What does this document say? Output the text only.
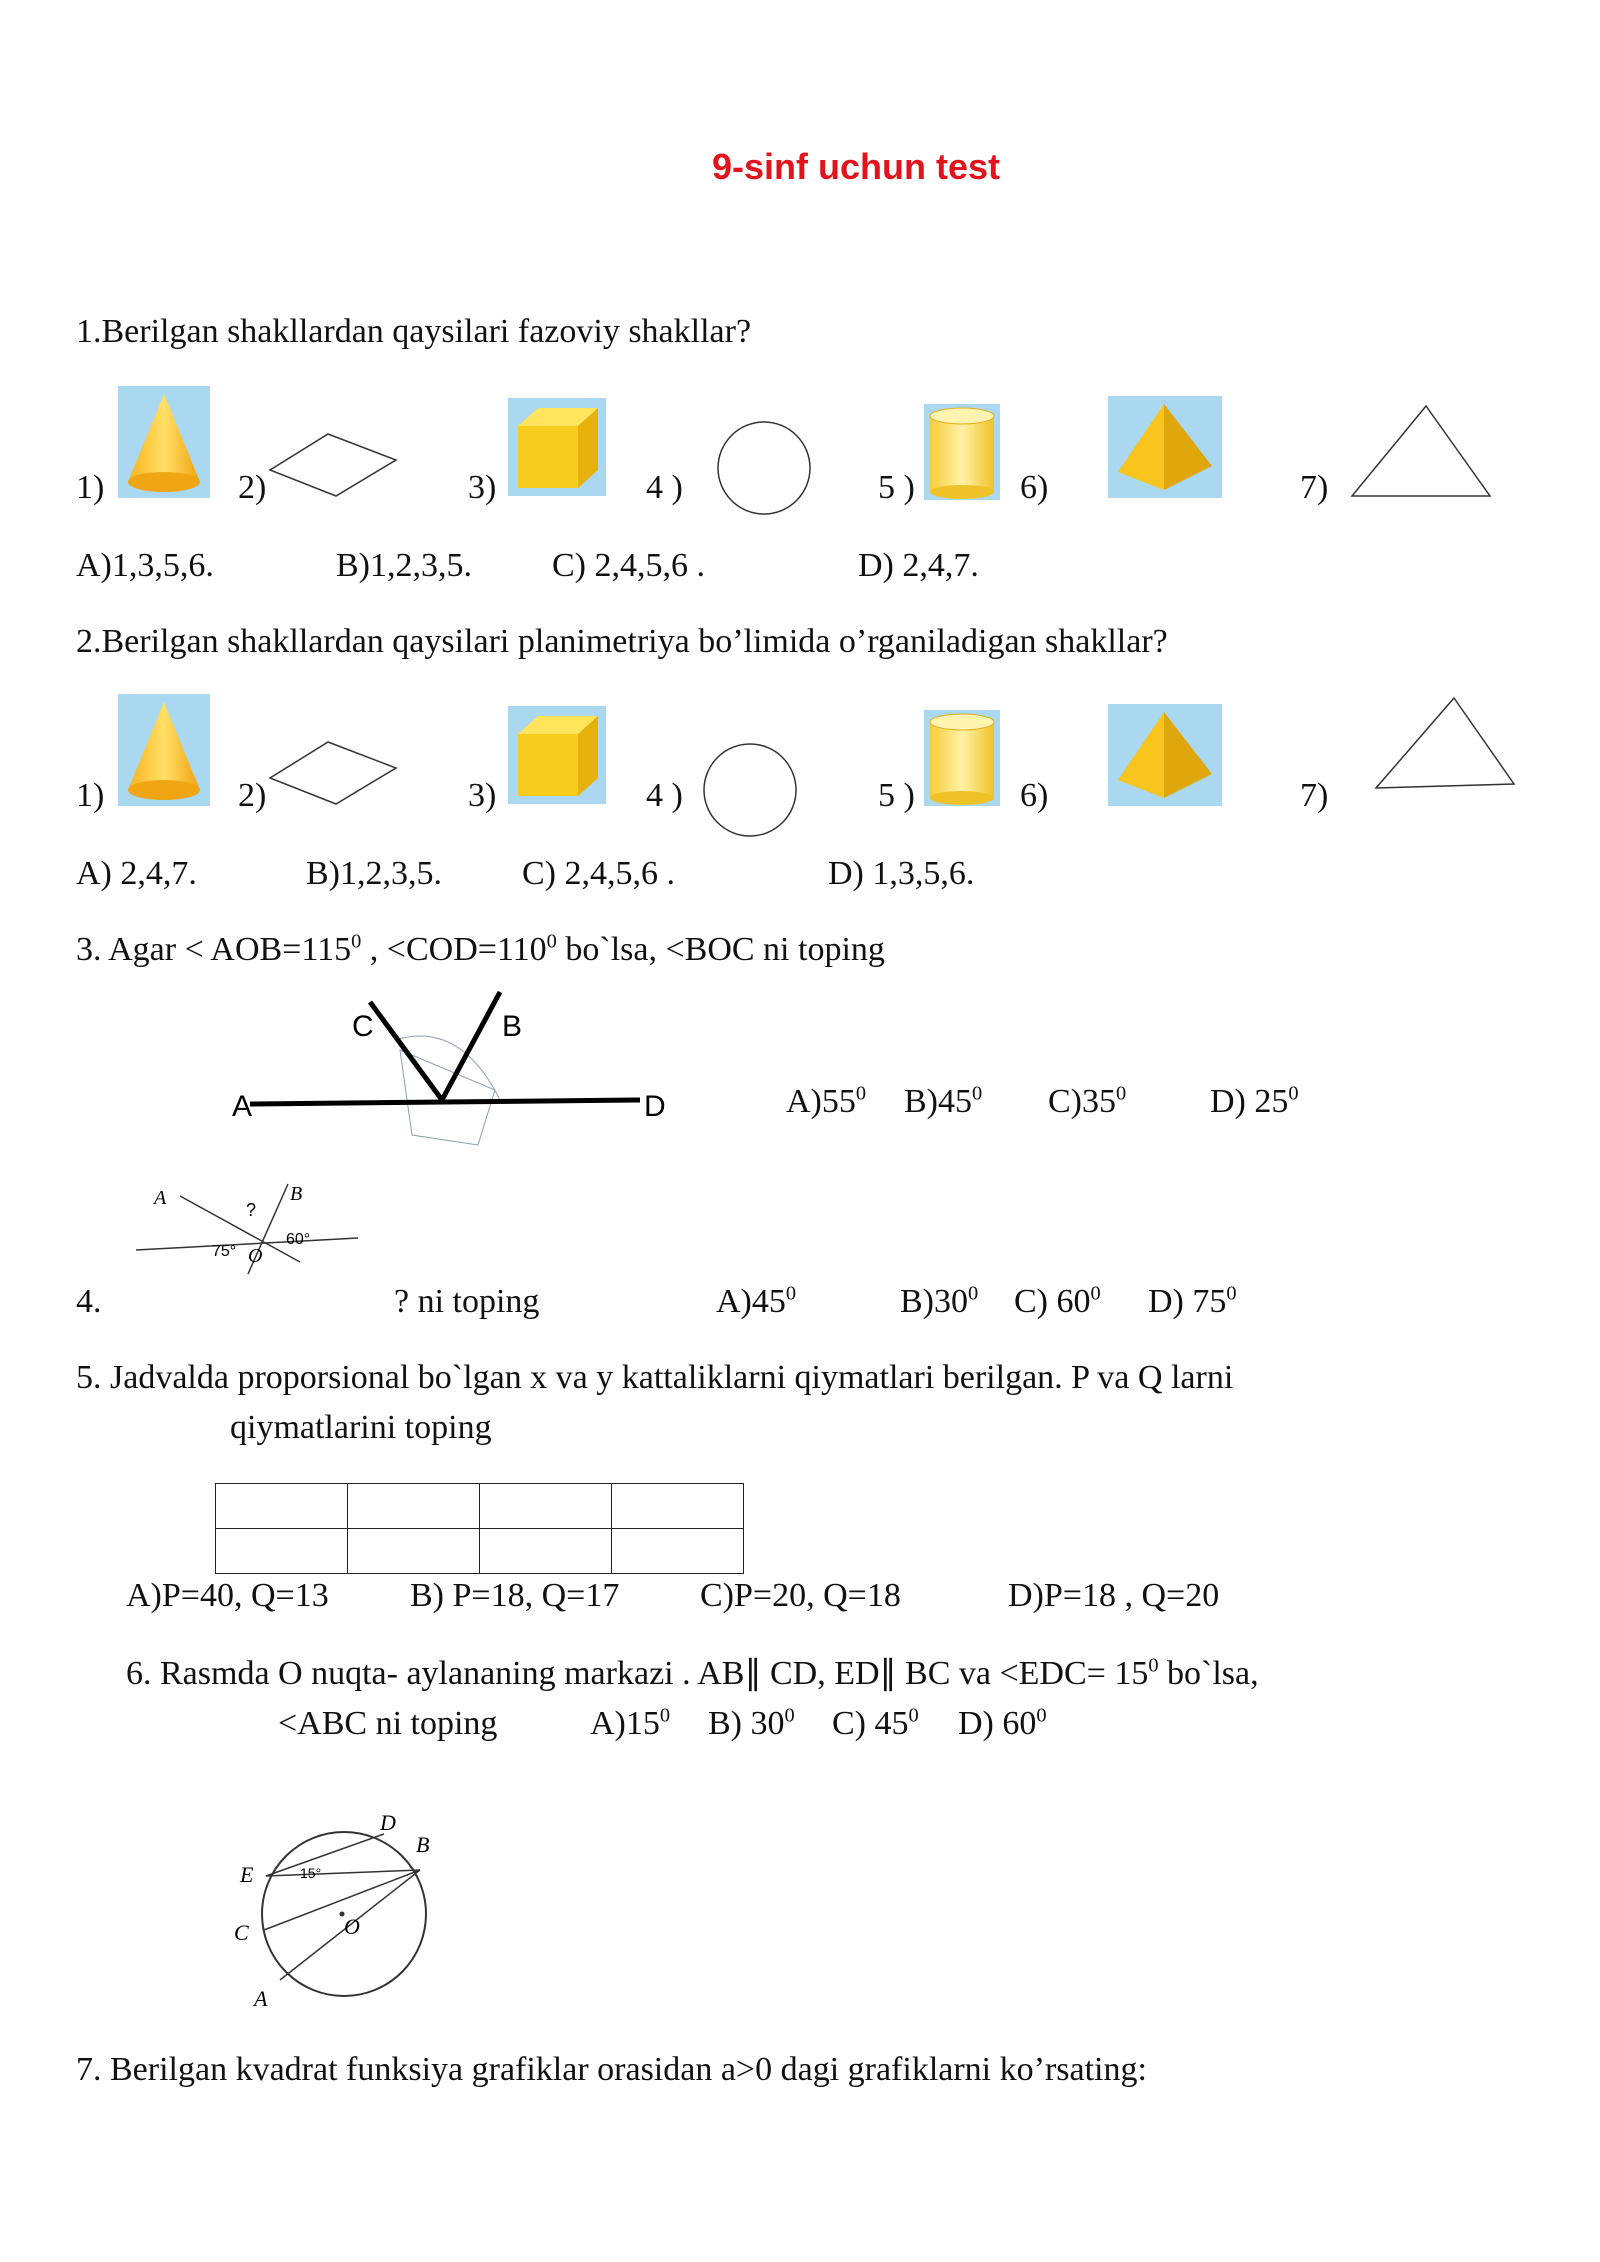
9-sinf uchun test
1.Berilgan shakllardan qaysilari fazoviy shakllar?
1)	2)	3)	4 )	5 )	6)	7)
A)1,3,5,6.	B)1,2,3,5. C) 2,4,5,6 .	D) 2,4,7.
2.Berilgan shakllardan qaysilari planimetriya bo’limida o’rganiladigan shakllar?
1)	2)	3)	4 )	5 )	6)	7)
A) 2,4,7.	B)1,2,3,5. C) 2,4,5,6 .	D) 1,3,5,6.
3. Agar < $AOB=115^0$ , $<COD=110^0$ bo`lsa, <BOC ni toping
A
C	B
D	$A)55^0$ $B)45^0$ $C)35^0$ D) $25^0$
A	B
?
75° O
60°
4.	? ni toping	$A)45^0$	$B)30^0$ C) $60^0$ D) $75^0$
5. Jadvalda proporsional bo`lgan x va y kattaliklarni qiymatlari berilgan. P va Q larni
qiymatlarini toping

A)P=40, Q=13 B) P=18, Q=17 C)P=20, Q=18	D)P=18 , Q=20
6. Rasmda O nuqta- aylananing markazi . AB∥ CD, ED∥ BC va $<EDC= 15^0$ bo`lsa,
<ABC ni toping	$A)15^0$ B) $30^0$ C) $45^0$ D) $60^0$
E
D
B
C
A
O
15°
7. Berilgan kvadrat funksiya grafiklar orasidan a>0 dagi grafiklarni ko’rsating:
